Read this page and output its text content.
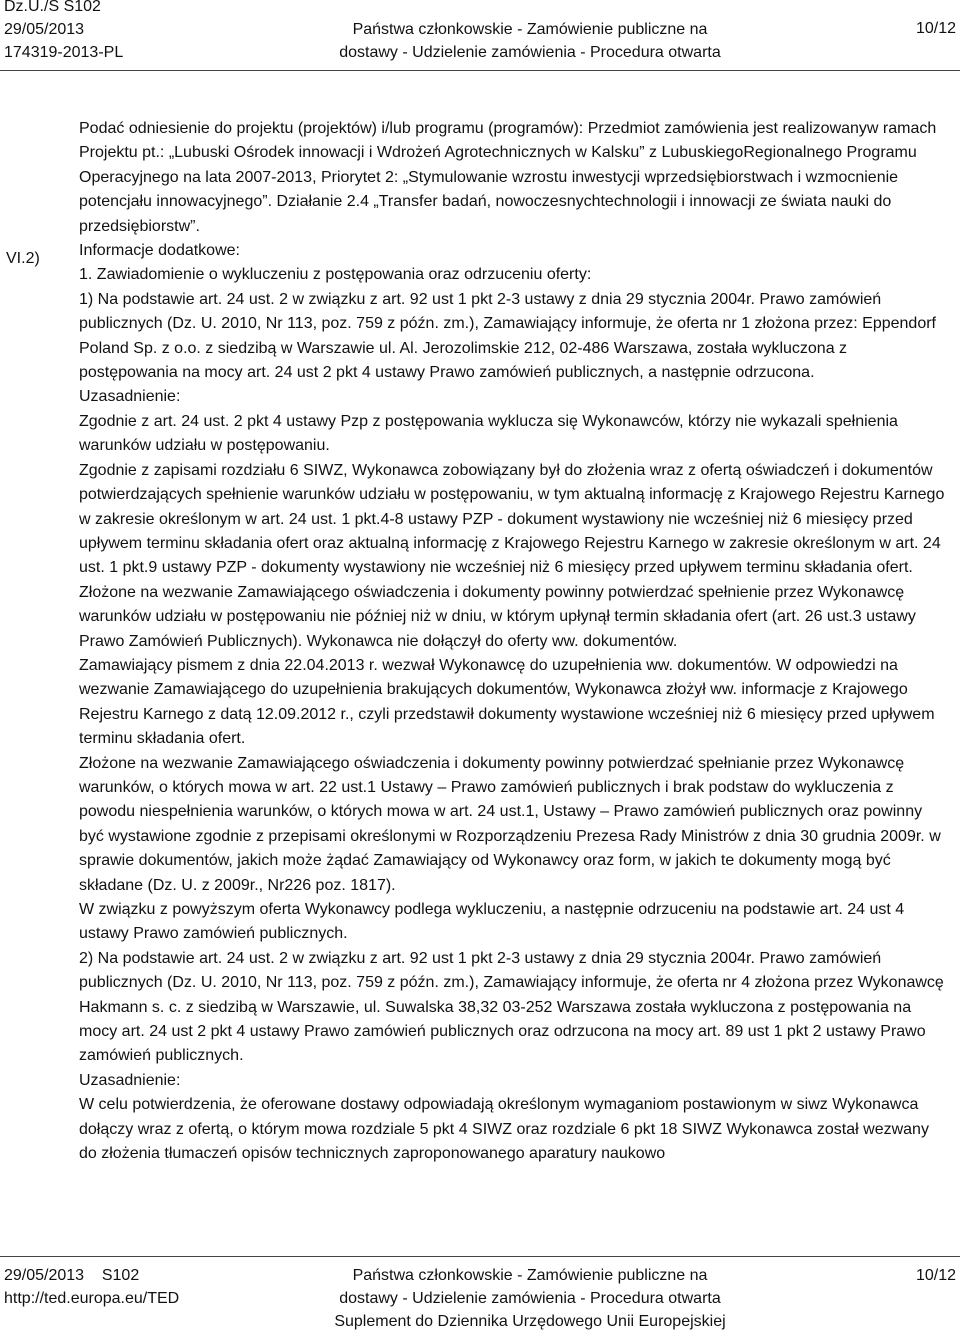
Dz.U./S S102
29/05/2013
174319-2013-PL
Państwa członkowskie - Zamówienie publiczne na
dostawy - Udzielenie zamówienia - Procedura otwarta
10/12
VI.2)

Podać odniesienie do projektu (projektów) i/lub programu (programów): Przedmiot zamówienia jest realizowanyw ramach Projektu pt.: „Lubuski Ośrodek innowacji i Wdrożeń Agrotechnicznych w Kalsku” z LubuskiegoRegionalnego Programu Operacyjnego na lata 2007-2013, Priorytet 2: „Stymulowanie wzrostu inwestycji wprzedsiębiorstwach i wzmocnienie potencjału innowacyjnego”. Działanie 2.4 „Transfer badań, nowoczesnychtechnologii i innowacji ze świata nauki do przedsiębiorstw”.

Informacje dodatkowe:

1. Zawiadomienie o wykluczeniu z postępowania oraz odrzuceniu oferty:

1) Na podstawie art. 24 ust. 2 w związku z art. 92 ust 1 pkt 2-3 ustawy z dnia 29 stycznia 2004r. Prawo zamówień publicznych (Dz. U. 2010, Nr 113, poz. 759 z późn. zm.), Zamawiający informuje, że oferta nr 1 złożona przez: Eppendorf Poland Sp. z o.o. z siedzibą w Warszawie ul. Al. Jerozolimskie 212, 02-486 Warszawa, została wykluczona z postępowania na mocy art. 24 ust 2 pkt 4 ustawy Prawo zamówień publicznych, a następnie odrzucona.

Uzasadnienie:

Zgodnie z art. 24 ust. 2 pkt 4 ustawy Pzp z postępowania wyklucza się Wykonawców, którzy nie wykazali spełnienia warunków udziału w postępowaniu.

Zgodnie z zapisami rozdziału 6 SIWZ, Wykonawca zobowiązany był do złożenia wraz z ofertą oświadczeń i dokumentów potwierdzających spełnienie warunków udziału w postępowaniu, w tym aktualną informację z Krajowego Rejestru Karnego w zakresie określonym w art. 24 ust. 1 pkt.4-8 ustawy PZP - dokument wystawiony nie wcześniej niż 6 miesięcy przed upływem terminu składania ofert oraz aktualną informację z Krajowego Rejestru Karnego w zakresie określonym w art. 24 ust. 1 pkt.9 ustawy PZP - dokumenty wystawiony nie wcześniej niż 6 miesięcy przed upływem terminu składania ofert. Złożone na wezwanie Zamawiającego oświadczenia i dokumenty powinny potwierdzać spełnienie przez Wykonawcę warunków udziału w postępowaniu nie później niż w dniu, w którym upłynął termin składania ofert (art. 26 ust.3 ustawy Prawo Zamówień Publicznych). Wykonawca nie dołączył do oferty ww. dokumentów.

Zamawiający pismem z dnia 22.04.2013 r. wezwał Wykonawcę do uzupełnienia ww. dokumentów. W odpowiedzi na wezwanie Zamawiającego do uzupełnienia brakujących dokumentów, Wykonawca złożył ww. informacje z Krajowego Rejestru Karnego z datą 12.09.2012 r., czyli przedstawił dokumenty wystawione wcześniej niż 6 miesięcy przed upływem terminu składania ofert.

Złożone na wezwanie Zamawiającego oświadczenia i dokumenty powinny potwierdzać spełnianie przez Wykonawcę warunków, o których mowa w art. 22 ust.1 Ustawy – Prawo zamówień publicznych i brak podstaw do wykluczenia z powodu niespełnienia warunków, o których mowa w art. 24 ust.1, Ustawy – Prawo zamówień publicznych oraz powinny być wystawione zgodnie z przepisami określonymi w Rozporządzeniu Prezesa Rady Ministrów z dnia 30 grudnia 2009r. w sprawie dokumentów, jakich może żądać Zamawiający od Wykonawcy oraz form, w jakich te dokumenty mogą być składane (Dz. U. z 2009r., Nr226 poz. 1817).

W związku z powyższym oferta Wykonawcy podlega wykluczeniu, a następnie odrzuceniu na podstawie art. 24 ust 4 ustawy Prawo zamówień publicznych.

2) Na podstawie art. 24 ust. 2 w związku z art. 92 ust 1 pkt 2-3 ustawy z dnia 29 stycznia 2004r. Prawo zamówień publicznych (Dz. U. 2010, Nr 113, poz. 759 z późn. zm.), Zamawiający informuje, że oferta nr 4 złożona przez Wykonawcę Hakmann s. c. z siedzibą w Warszawie, ul. Suwalska 38,32 03-252 Warszawa została wykluczona z postępowania na mocy art. 24 ust 2 pkt 4 ustawy Prawo zamówień publicznych oraz odrzucona na mocy art. 89 ust 1 pkt 2 ustawy Prawo zamówień publicznych.

Uzasadnienie:

W celu potwierdzenia, że oferowane dostawy odpowiadają określonym wymaganiom postawionym w siwz Wykonawca dołączy wraz z ofertą, o którym mowa rozdziale 5 pkt 4 SIWZ oraz rozdziale 6 pkt 18 SIWZ Wykonawca został wezwany do złożenia tłumaczeń opisów technicznych zaproponowanego aparatury naukowo

29/05/2013    S102
http://ted.europa.eu/TED
Państwa członkowskie - Zamówienie publiczne na
dostawy - Udzielenie zamówienia - Procedura otwarta
Suplement do Dziennika Urzędowego Unii Europejskiej
10/12
